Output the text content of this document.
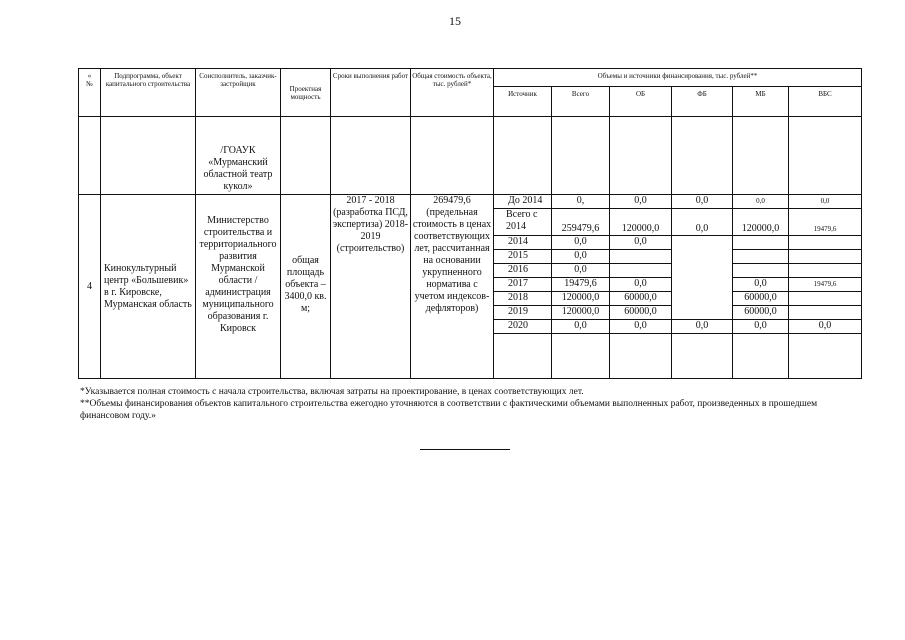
15
«
№	Подпрограмма, объект капитального строительства	Соисполнитель, заказчик-застройщик	Проектная мощность	Сроки выполнения работ	Общая стоимость объекта, тыс. рублей*	Объемы и источники финансирования, тыс. рублей**					
						Источник	Всего	ОБ	ФБ	МБ	ВБС
		/ГОАУК «Мурманский областной театр кукол»									
4	Кинокультурный центр «Большевик» в г. Кировске, Мурманская область	Министерство строительства и территориального развития Мурманской области /администрация муниципального образования г. Кировск	общая площадь объекта – 3400,0 кв. м;	2017 - 2018 (разработка ПСД, экспертиза) 2018-2019 (строительство)	269479,6 (предельная стоимость в ценах соответствующих лет, рассчитанная на основании укрупненного норматива с учетом индексов-дефляторов)	До 2014	0,	0,0	0,0	0,0	0,0
						Всего с 2014	259479,6	120000,0	0,0	120000,0	19479,6
						2014	0,0	0,0			
						2015	0,0				
						2016	0,0				
						2017	19479,6	0,0		0,0	19479,6
						2018	120000,0	60000,0		60000,0	
						2019	120000,0	60000,0		60000,0	
						2020	0,0	0,0	0,0	0,0	0,0

*Указывается полная стоимость с начала строительства, включая затраты на проектирование, в ценах соответствующих лет.

**Объемы финансирования объектов капитального строительства ежегодно уточняются в соответствии с фактическими объемами выполненных работ, произведенных в прошедшем финансовом году.»
